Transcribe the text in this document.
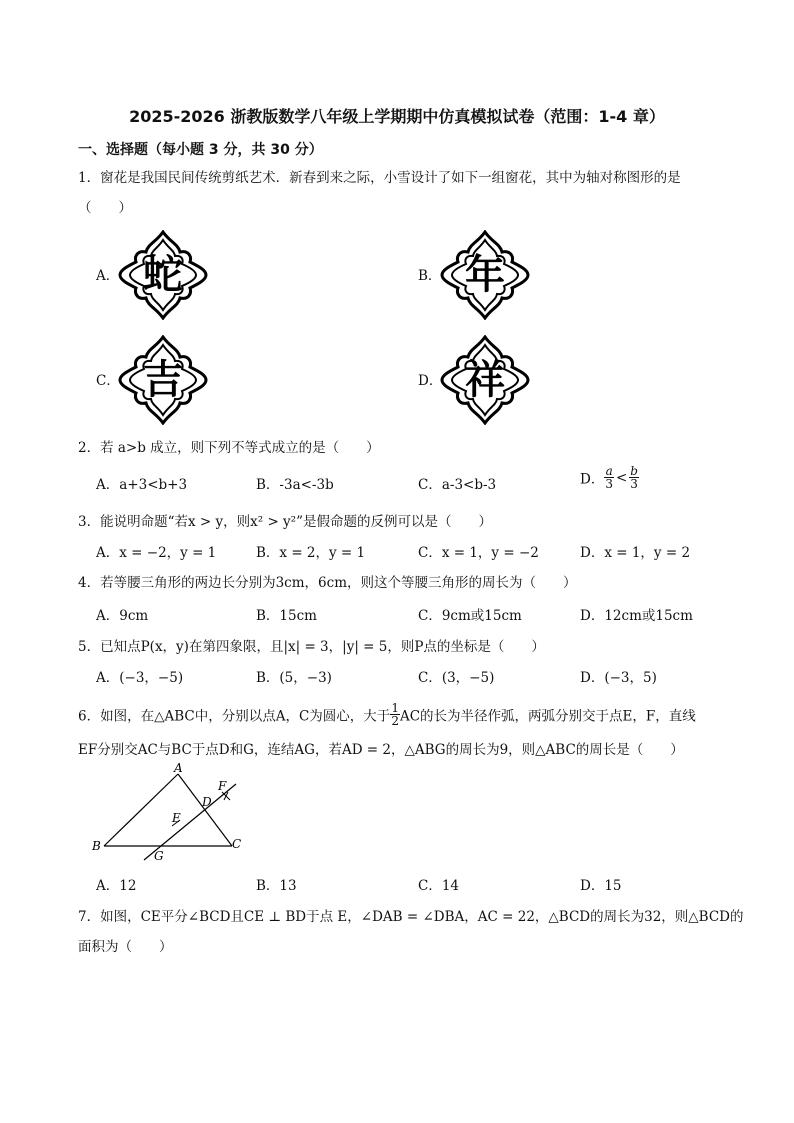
2025-2026 浙教版数学八年级上学期期中仿真模拟试卷（范围：1-4 章）
一、选择题（每小题 3 分，共 30 分）
1．窗花是我国民间传统剪纸艺术．新春到来之际，小雪设计了如下一组窗花，其中为轴对称图形的是
（　　）
A． 蛇	B． 年
C． 吉	D． 祥
2．若 a>b 成立，则下列不等式成立的是（　　）
A．a+3<b+3	B．-3a<-3b	C．a-3<b-3	D． $\frac{a}{3} < \frac{b}{3}$
3．能说明命题“若x > y，则x² > y²”是假命题的反例可以是（　　）
A．x = −2，y = 1	B．x = 2，y = 1	C．x = 1，y = −2	D．x = 1，y = 2
4．若等腰三角形的两边长分别为3cm，6cm，则这个等腰三角形的周长为（　　）
A．9cm	B．15cm	C．9cm或15cm	D．12cm或15cm
5．已知点P(x，y)在第四象限，且|x| = 3，|y| = 5，则P点的坐标是（　　）
A．(−3，−5)	B．(5，−3)	C．(3，−5)	D．(−3，5)
6．如图，在△ABC中，分别以点A，C为圆心，大于 $\frac{1}{2}$ AC的长为半径作弧，两弧分别交于点E，F，直线
EF分别交AC与BC于点D和G，连结AG，若AD = 2，△ABG的周长为9，则△ABC的周长是（　　）
A
B	C
D
E
F
G
A．12	B．13	C．14	D．15
7．如图，CE平分∠BCD且CE ⊥ BD于点 E，∠DAB = ∠DBA，AC = 22，△BCD的周长为32，则△BCD的
面积为（　　）
